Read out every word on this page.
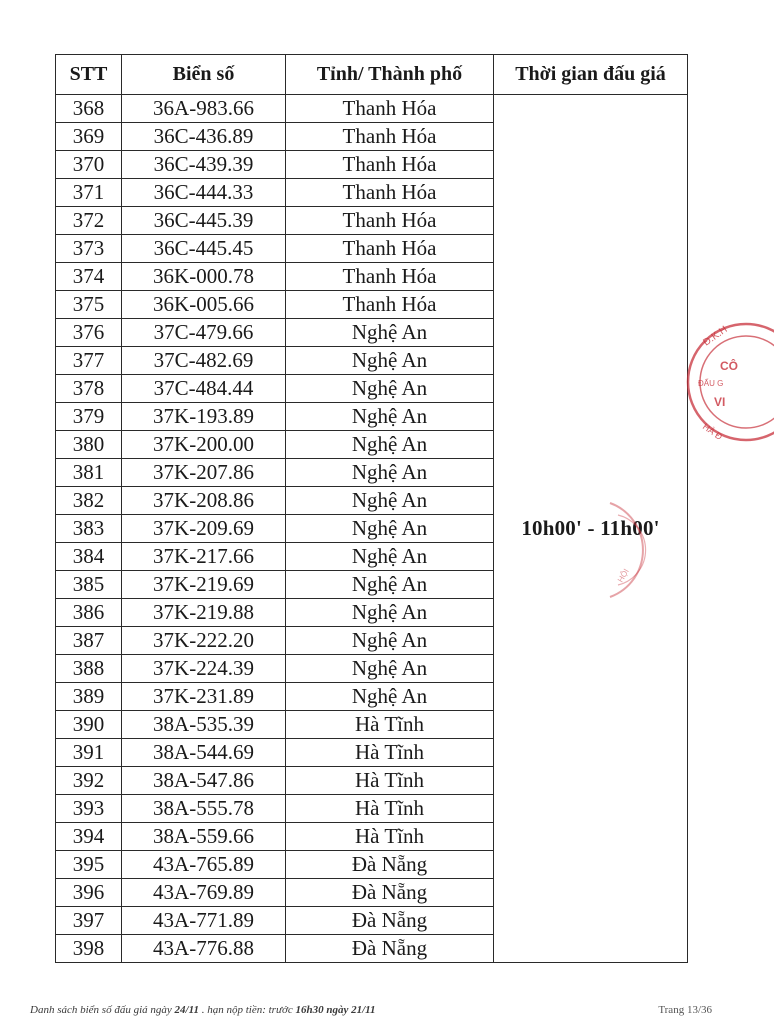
STT	Biển số	Tỉnh/ Thành phố	Thời gian đấu giá
368	36A-983.66	Thanh Hóa	10h00' - 11h00'
369	36C-436.89	Thanh Hóa	
370	36C-439.39	Thanh Hóa	
371	36C-444.33	Thanh Hóa	
372	36C-445.39	Thanh Hóa	
373	36C-445.45	Thanh Hóa	
374	36K-000.78	Thanh Hóa	
375	36K-005.66	Thanh Hóa	
376	37C-479.66	Nghệ An	
377	37C-482.69	Nghệ An	
378	37C-484.44	Nghệ An	
379	37K-193.89	Nghệ An	
380	37K-200.00	Nghệ An	
381	37K-207.86	Nghệ An	
382	37K-208.86	Nghệ An	
383	37K-209.69	Nghệ An	
384	37K-217.66	Nghệ An	
385	37K-219.69	Nghệ An	
386	37K-219.88	Nghệ An	
387	37K-222.20	Nghệ An	
388	37K-224.39	Nghệ An	
389	37K-231.89	Nghệ An	
390	38A-535.39	Hà Tĩnh	
391	38A-544.69	Hà Tĩnh	
392	38A-547.86	Hà Tĩnh	
393	38A-555.78	Hà Tĩnh	
394	38A-559.66	Hà Tĩnh	
395	43A-765.89	Đà Nẵng	
396	43A-769.89	Đà Nẵng	
397	43A-771.89	Đà Nẵng	
398	43A-776.88	Đà Nẵng	
Đ.K.H
CÔ
ĐẤU G
VI
HÀ Đ
HỘI
Danh sách biển số đấu giá ngày 24/11 . hạn nộp tiền: trước 16h30 ngày 21/11	Trang 13/36
